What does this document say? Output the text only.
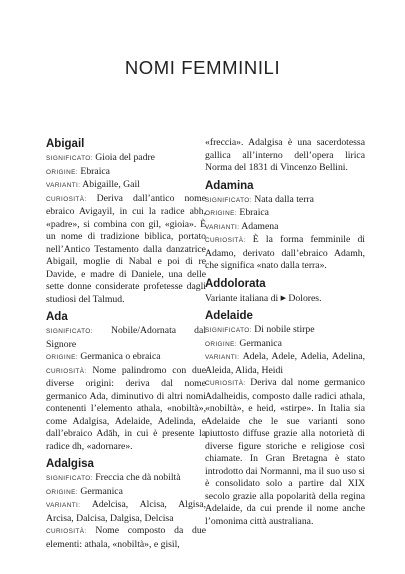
NOMI FEMMINILI
Abigail
SIGNIFICATO : Gioia del padre
ORIGINE : Ebraica
VARIANTI : Abigaille, Gail
CURIOSITÀ : Deriva dall’antico nome ebraico Avigayil, in cui la radice abh, «padre», si combina con gil, «gioia». È un nome di tradizione biblica, portato nell’Antico Testamento dalla danzatrice Abigail, moglie di Nabal e poi di re Davide, e madre di Daniele, una delle sette donne considerate profetesse dagli studiosi del Talmud.
Ada
SIGNIFICATO : Nobile/Adornata dal Signore
ORIGINE : Germanica o ebraica
CURIOSITÀ : Nome palindromo con due diverse origini: deriva dal nome germanico Ada, diminutivo di altri nomi contenenti l’elemento athala, «nobiltà», come Adalgisa, Adelaide, Adelinda, e dall’ebraico Adāh, in cui è presente la radice dh, «adornare».
Adalgisa
SIGNIFICATO : Freccia che dà nobiltà
ORIGINE : Germanica
VARIANTI : Adelcisa, Alcisa, Algisa, Arcisa, Dalcisa, Dalgisa, Delcisa
CURIOSITÀ : Nome composto da due elementi: athala, «nobiltà», e gisil,

«freccia». Adalgisa è una sacerdotessa gallica all’interno dell’opera lirica Norma del 1831 di Vincenzo Bellini.

Adamina
SIGNIFICATO : Nata dalla terra
ORIGINE : Ebraica
VARIANTI : Adamena
CURIOSITÀ : È la forma femminile di Adamo, derivato dall’ebraico Adamh, che significa «nato dalla terra».
Addolorata
Variante italiana di ▶ Dolores.
Adelaide
SIGNIFICATO : Di nobile stirpe
ORIGINE : Germanica
VARIANTI : Adela, Adele, Adelia, Adelina, Aleida, Alida, Heidi
CURIOSITÀ : Deriva dal nome germanico Adalheidis, composto dalle radici athala, «nobiltà», e heid, «stirpe». In Italia sia Adelaide che le sue varianti sono piuttosto diffuse grazie alla notorietà di diverse figure storiche e religiose così chiamate. In Gran Bretagna è stato introdotto dai Normanni, ma il suo uso si è consolidato solo a partire dal XIX secolo grazie alla popolarità della regina Adelaide, da cui prende il nome anche l’omonima città australiana.
